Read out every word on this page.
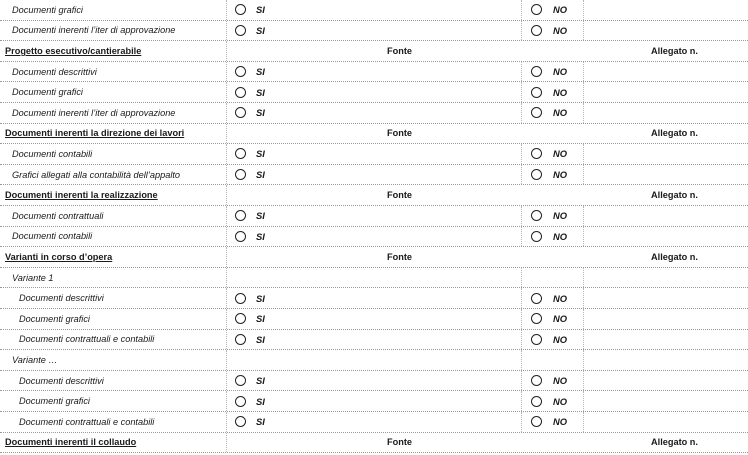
Documenti grafici	SI	NO
Documenti inerenti l’iter di approvazione	SI	NO
Progetto esecutivo/cantierabile	Fonte	Allegato n.
Documenti descrittivi	SI	NO
Documenti grafici	SI	NO
Documenti inerenti l’iter di approvazione	SI	NO
Documenti inerenti la direzione dei lavori	Fonte	Allegato n.
Documenti contabili	SI	NO
Grafici allegati alla contabilità dell’appalto	SI	NO
Documenti inerenti la realizzazione	Fonte	Allegato n.
Documenti contrattuali	SI	NO
Documenti contabili	SI	NO
Varianti in corso d’opera	Fonte	Allegato n.
Variante 1
Documenti descrittivi	SI	NO
Documenti grafici	SI	NO
Documenti contrattuali e contabili	SI	NO
Variante …
Documenti descrittivi	SI	NO
Documenti grafici	SI	NO
Documenti contrattuali e contabili	SI	NO
Documenti inerenti il collaudo	Fonte	Allegato n.
